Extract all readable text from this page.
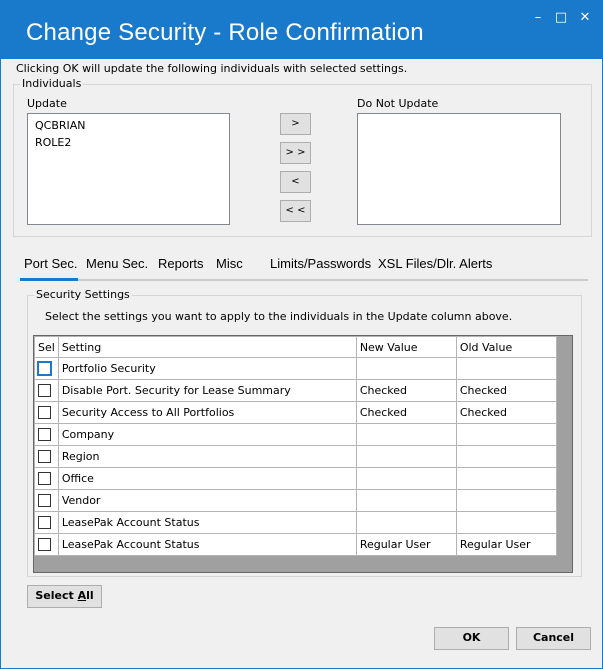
Change Security - Role Confirmation
–	□ ✕
Clicking OK will update the following individuals with selected settings.
Individuals
Update
QCBRIAN
ROLE2
>
> >
<
< <
Do Not Update
Port Sec. Menu Sec. Reports Misc Limits/Passwords XSL Files/Dlr. Alerts
Security Settings
Select the settings you want to apply to the individuals in the Update column above.
Sel	Setting	New Value	Old Value
	Portfolio Security		
	Disable Port. Security for Lease Summary	Checked	Checked
	Security Access to All Portfolios	Checked	Checked
	Company		
	Region		
	Office		
	Vendor		
	LeasePak Account Status		
	LeasePak Account Status	Regular User	Regular User
Select All
OK	Cancel
